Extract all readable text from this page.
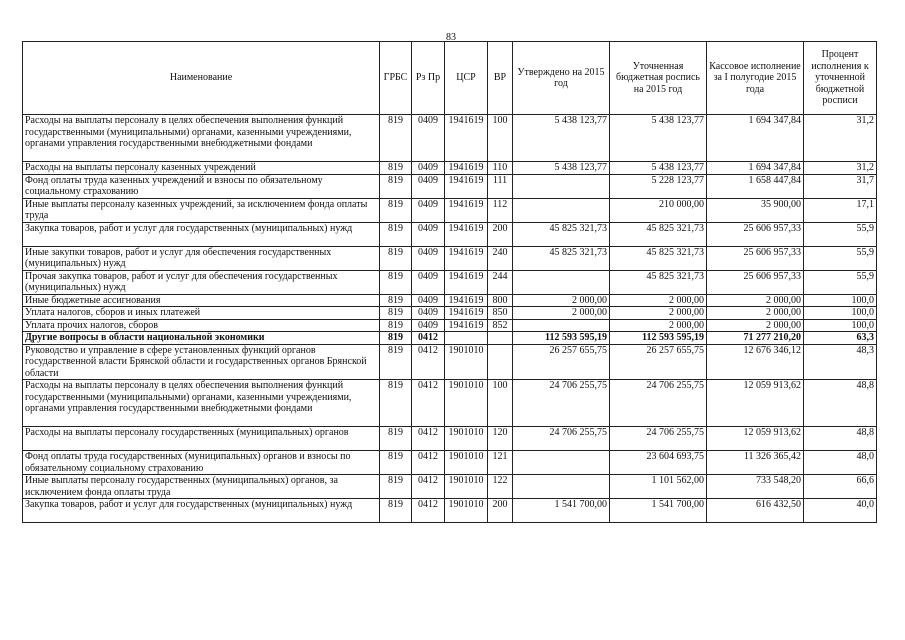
83
Наименование	ГРБС	Рз Пр	ЦСР	ВР	Утверждено на 2015 год	Уточненная бюджетная роспись на 2015 год	Кассовое исполнение за I полугодие 2015 года	Процент исполнения к уточненной бюджетной росписи
Расходы на выплаты персоналу в целях обеспечения выполнения функций государственными (муниципальными) органами, казенными учреждениями, органами управления государственными внебюджетными фондами	819	0409	1941619	100	5 438 123,77	5 438 123,77	1 694 347,84	31,2
Расходы на выплаты персоналу казенных учреждений	819	0409	1941619	110	5 438 123,77	5 438 123,77	1 694 347,84	31,2
Фонд оплаты труда казенных учреждений и взносы по обязательному социальному страхованию	819	0409	1941619	111		5 228 123,77	1 658 447,84	31,7
Иные выплаты персоналу казенных учреждений, за исключением фонда оплаты труда	819	0409	1941619	112		210 000,00	35 900,00	17,1
Закупка товаров, работ и услуг для государственных (муниципальных) нужд	819	0409	1941619	200	45 825 321,73	45 825 321,73	25 606 957,33	55,9
Иные закупки товаров, работ и услуг для обеспечения государственных (муниципальных) нужд	819	0409	1941619	240	45 825 321,73	45 825 321,73	25 606 957,33	55,9
Прочая закупка товаров, работ и услуг для обеспечения государственных (муниципальных) нужд	819	0409	1941619	244		45 825 321,73	25 606 957,33	55,9
Иные бюджетные ассигнования	819	0409	1941619	800	2 000,00	2 000,00	2 000,00	100,0
Уплата налогов, сборов и иных платежей	819	0409	1941619	850	2 000,00	2 000,00	2 000,00	100,0
Уплата прочих налогов, сборов	819	0409	1941619	852		2 000,00	2 000,00	100,0
Другие вопросы в области национальной экономики	819	0412			112 593 595,19	112 593 595,19	71 277 210,20	63,3
Руководство и управление в сфере установленных функций органов государственной власти Брянской области и государственных органов Брянской области	819	0412	1901010		26 257 655,75	26 257 655,75	12 676 346,12	48,3
Расходы на выплаты персоналу в целях обеспечения выполнения функций государственными (муниципальными) органами, казенными учреждениями, органами управления государственными внебюджетными фондами	819	0412	1901010	100	24 706 255,75	24 706 255,75	12 059 913,62	48,8
Расходы на выплаты персоналу государственных (муниципальных) органов	819	0412	1901010	120	24 706 255,75	24 706 255,75	12 059 913,62	48,8
Фонд оплаты труда государственных (муниципальных) органов и взносы по обязательному социальному страхованию	819	0412	1901010	121		23 604 693,75	11 326 365,42	48,0
Иные выплаты персоналу государственных (муниципальных) органов, за исключением фонда оплаты труда	819	0412	1901010	122		1 101 562,00	733 548,20	66,6
Закупка товаров, работ и услуг для государственных (муниципальных) нужд	819	0412	1901010	200	1 541 700,00	1 541 700,00	616 432,50	40,0
